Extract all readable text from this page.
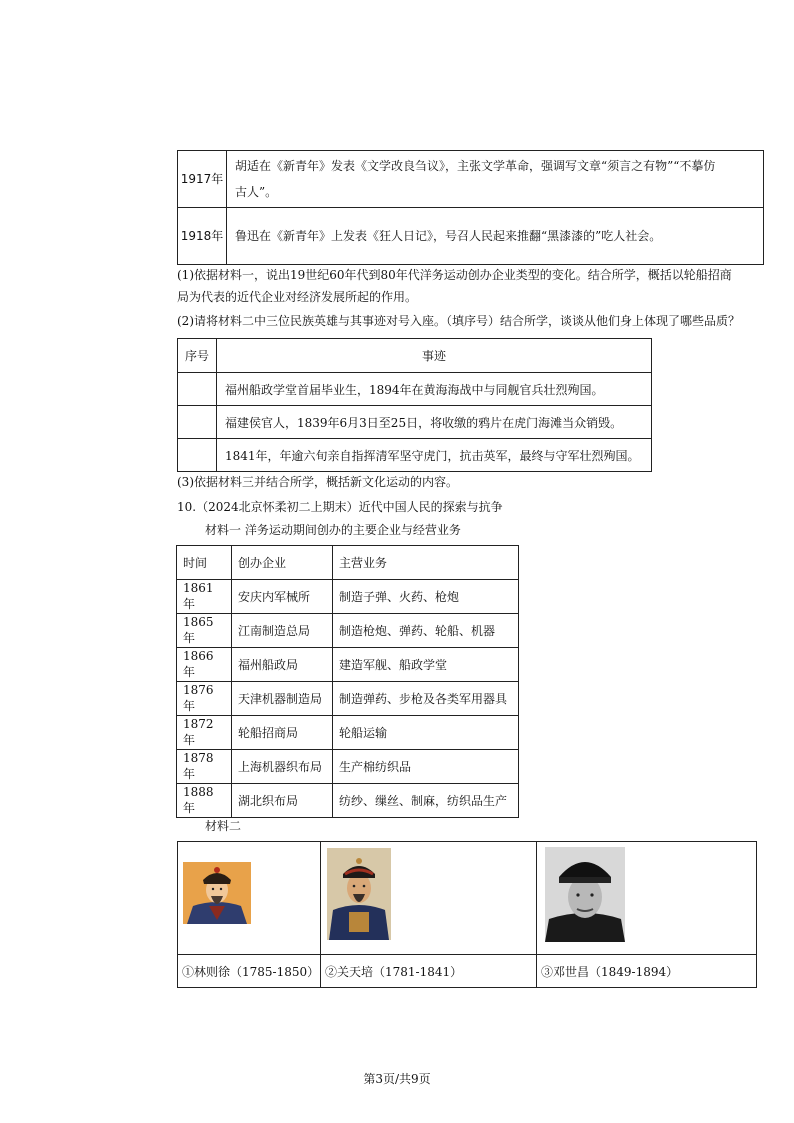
1917年	胡适在《新青年》发表《文学改良刍议》，主张文学革命，强调写文章“须言之有物”“不摹仿
古人”。

1918年	鲁迅在《新青年》上发表《狂人日记》，号召人民起来推翻“黑漆漆的”吃人社会。
(1)依据材料一，说出19世纪60年代到80年代洋务运动创办企业类型的变化。结合所学，概括以轮船招商
局为代表的近代企业对经济发展所起的作用。
(2)请将材料二中三位民族英雄与其事迹对号入座。（填序号）结合所学，谈谈从他们身上体现了哪些品质？
序号	事迹
	福州船政学堂首届毕业生，1894年在黄海海战中与同舰官兵壮烈殉国。
	福建侯官人，1839年6月3日至25日，将收缴的鸦片在虎门海滩当众销毁。
	1841年，年逾六旬亲自指挥清军坚守虎门，抗击英军，最终与守军壮烈殉国。
(3)依据材料三并结合所学，概括新文化运动的内容。
10.（2024北京怀柔初二上期末）近代中国人民的探索与抗争
材料一 洋务运动期间创办的主要企业与经营业务
时间	创办企业	主营业务
1861年	安庆内军械所	制造子弹、火药、枪炮
1865年	江南制造总局	制造枪炮、弹药、轮船、机器
1866年	福州船政局	建造军舰、船政学堂
1876年	天津机器制造局	制造弹药、步枪及各类军用器具
1872年	轮船招商局	轮船运输
1878年	上海机器织布局	生产棉纺织品
1888年	湖北织布局	纺纱、缫丝、制麻，纺织品生产
材料二

①林则徐（1785-1850）	②关天培（1781-1841）	③邓世昌（1849-1894）
第3页/共9页
